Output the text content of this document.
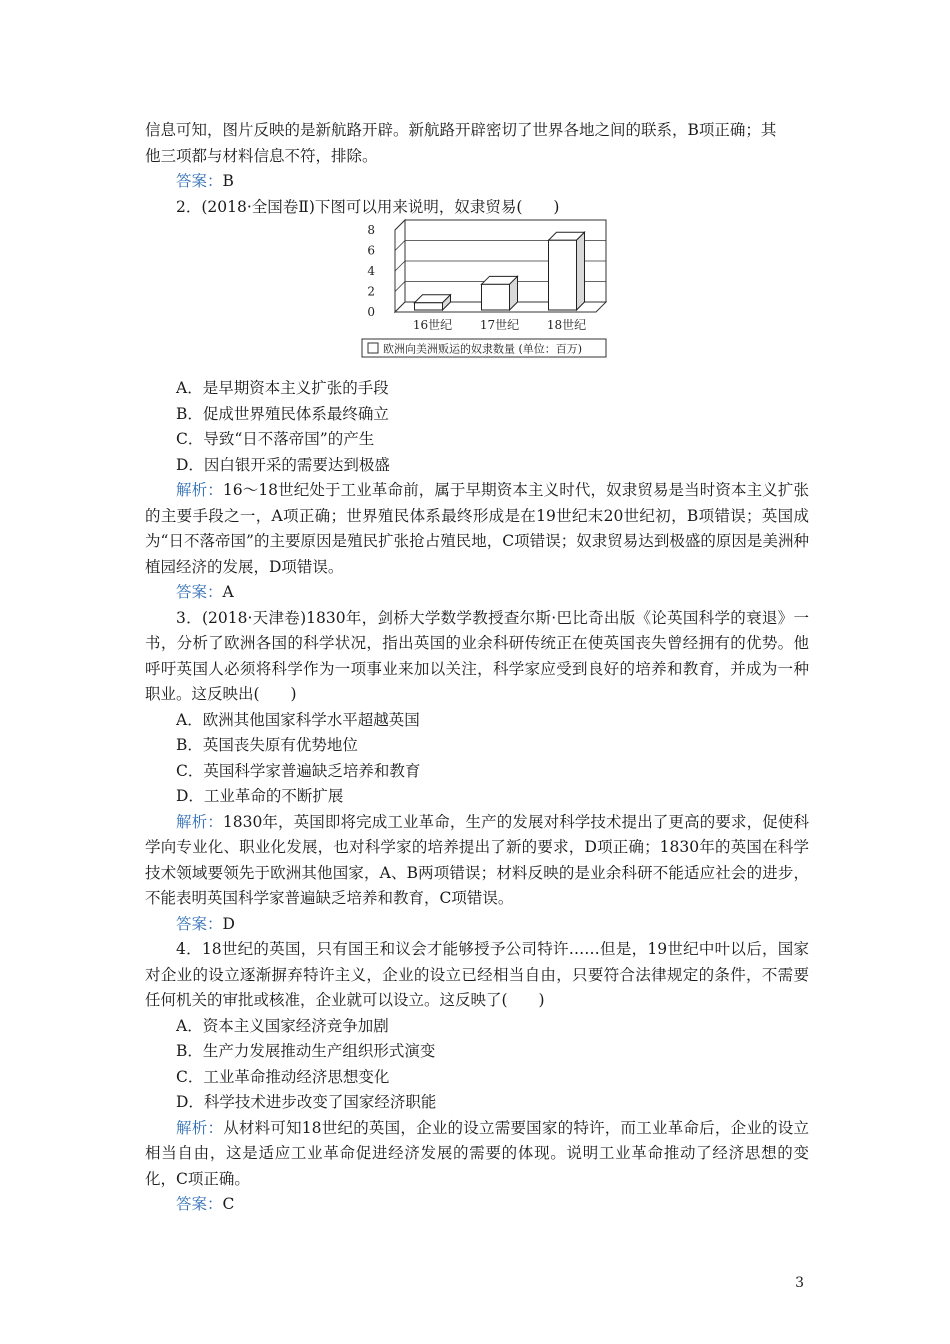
信息可知，图片反映的是新航路开辟。新航路开辟密切了世界各地之间的联系，B项正确；其

他三项都与材料信息不符，排除。

答案：B

2．(2018·全国卷Ⅱ)下图可以用来说明，奴隶贸易(　　)

0
2
4
6
8
16世纪 17世纪 18世纪
欧洲向美洲贩运的奴隶数量 (单位：百万)

A．是早期资本主义扩张的手段

B．促成世界殖民体系最终确立

C．导致“日不落帝国”的产生

D．因白银开采的需要达到极盛

解析：16～18世纪处于工业革命前，属于早期资本主义时代，奴隶贸易是当时资本主义扩张的主要手段之一，A项正确；世界殖民体系最终形成是在19世纪末20世纪初，B项错误；英国成为“日不落帝国”的主要原因是殖民扩张抢占殖民地，C项错误；奴隶贸易达到极盛的原因是美洲种植园经济的发展，D项错误。

答案：A

3．(2018·天津卷)1830年，剑桥大学数学教授查尔斯·巴比奇出版《论英国科学的衰退》一书，分析了欧洲各国的科学状况，指出英国的业余科研传统正在使英国丧失曾经拥有的优势。他呼吁英国人必须将科学作为一项事业来加以关注，科学家应受到良好的培养和教育，并成为一种职业。这反映出(　　)

A．欧洲其他国家科学水平超越英国

B．英国丧失原有优势地位

C．英国科学家普遍缺乏培养和教育

D．工业革命的不断扩展

解析：1830年，英国即将完成工业革命，生产的发展对科学技术提出了更高的要求，促使科学向专业化、职业化发展，也对科学家的培养提出了新的要求，D项正确；1830年的英国在科学技术领域要领先于欧洲其他国家，A、B两项错误；材料反映的是业余科研不能适应社会的进步，不能表明英国科学家普遍缺乏培养和教育，C项错误。

答案：D

4．18世纪的英国，只有国王和议会才能够授予公司特许……但是，19世纪中叶以后，国家对企业的设立逐渐摒弃特许主义，企业的设立已经相当自由，只要符合法律规定的条件，不需要任何机关的审批或核准，企业就可以设立。这反映了(　　)

A．资本主义国家经济竞争加剧

B．生产力发展推动生产组织形式演变

C．工业革命推动经济思想变化

D．科学技术进步改变了国家经济职能

解析：从材料可知18世纪的英国，企业的设立需要国家的特许，而工业革命后，企业的设立相当自由，这是适应工业革命促进经济发展的需要的体现。说明工业革命推动了经济思想的变化，C项正确。

答案：C

3
